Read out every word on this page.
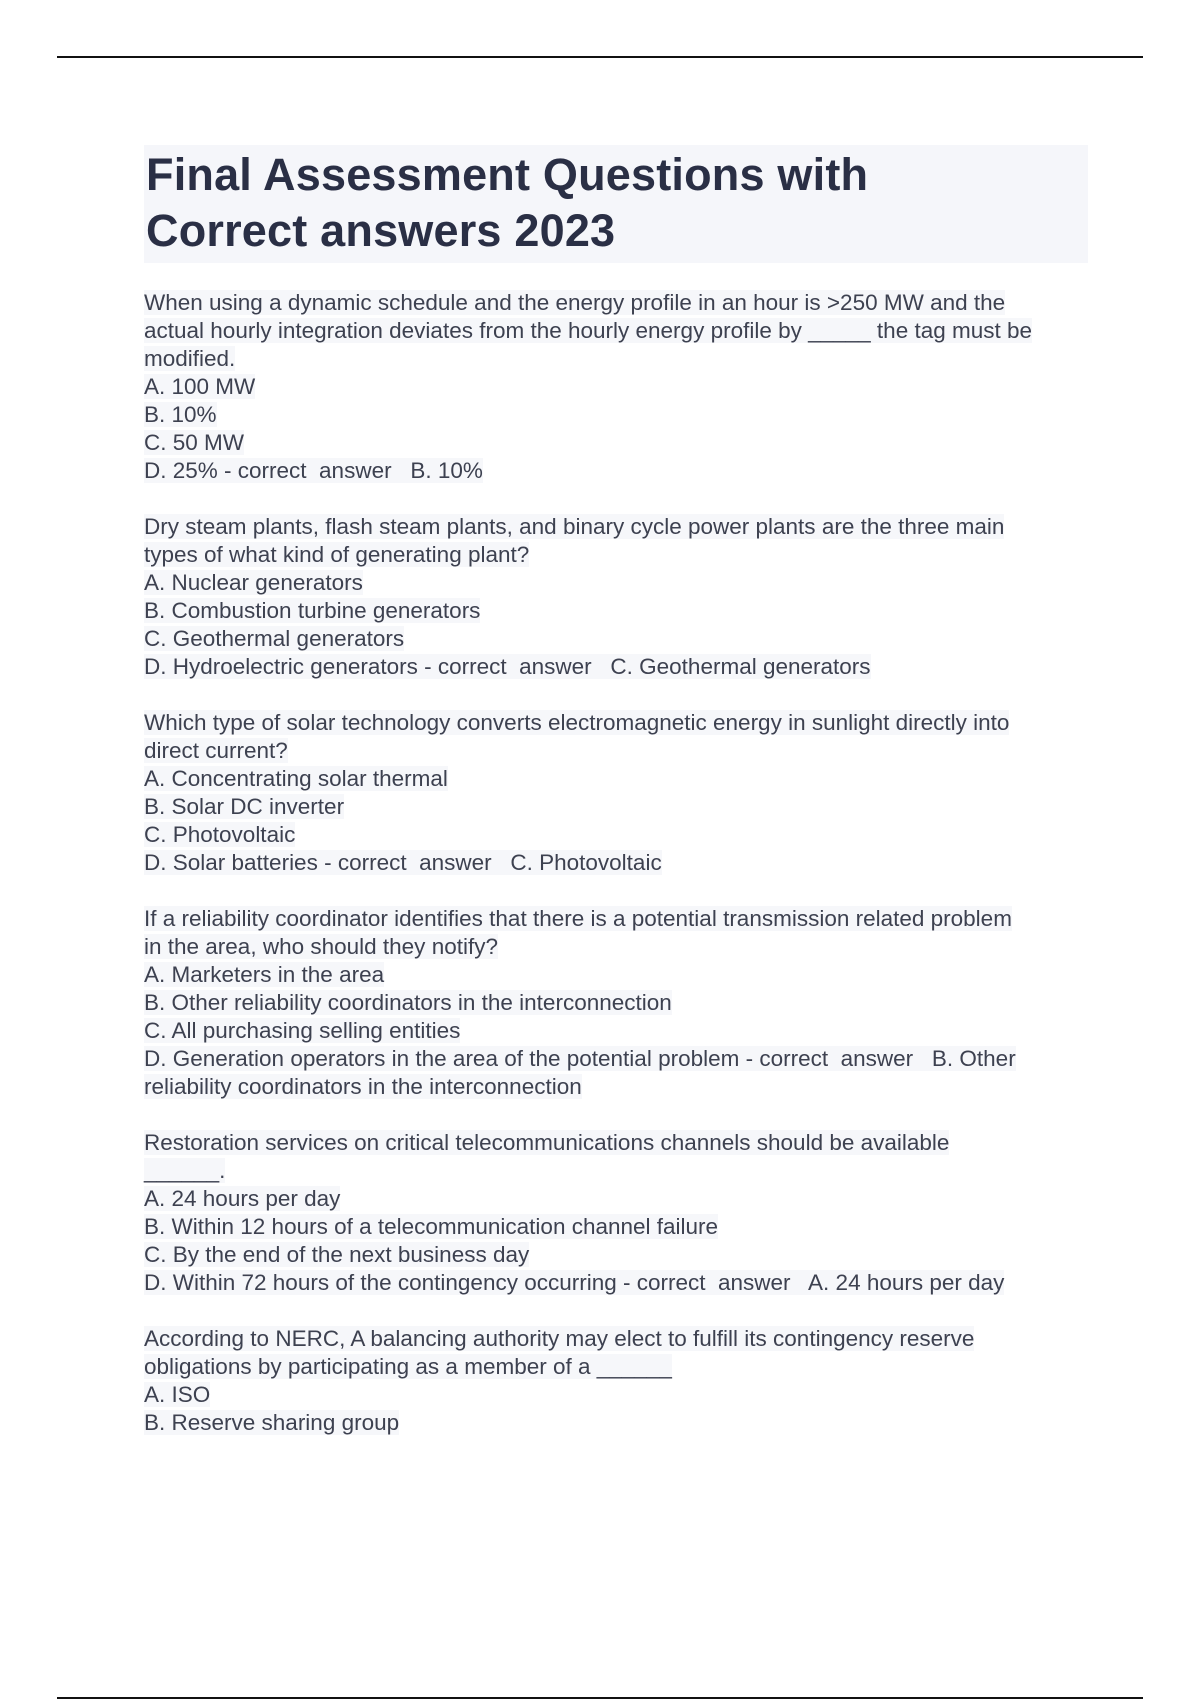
Final Assessment Questions with
Correct answers 2023
When using a dynamic schedule and the energy profile in an hour is >250 MW and the
actual hourly integration deviates from the hourly energy profile by _____ the tag must be
modified.
A. 100 MW
B. 10%
C. 50 MW
D. 25% - correct  answer   B. 10%
Dry steam plants, flash steam plants, and binary cycle power plants are the three main
types of what kind of generating plant?
A. Nuclear generators
B. Combustion turbine generators
C. Geothermal generators
D. Hydroelectric generators - correct  answer   C. Geothermal generators
Which type of solar technology converts electromagnetic energy in sunlight directly into
direct current?
A. Concentrating solar thermal
B. Solar DC inverter
C. Photovoltaic
D. Solar batteries - correct  answer   C. Photovoltaic
If a reliability coordinator identifies that there is a potential transmission related problem
in the area, who should they notify?
A. Marketers in the area
B. Other reliability coordinators in the interconnection
C. All purchasing selling entities
D. Generation operators in the area of the potential problem - correct  answer   B. Other
reliability coordinators in the interconnection
Restoration services on critical telecommunications channels should be available
______.
A. 24 hours per day
B. Within 12 hours of a telecommunication channel failure
C. By the end of the next business day
D. Within 72 hours of the contingency occurring - correct  answer   A. 24 hours per day
According to NERC, A balancing authority may elect to fulfill its contingency reserve
obligations by participating as a member of a ______
A. ISO
B. Reserve sharing group
